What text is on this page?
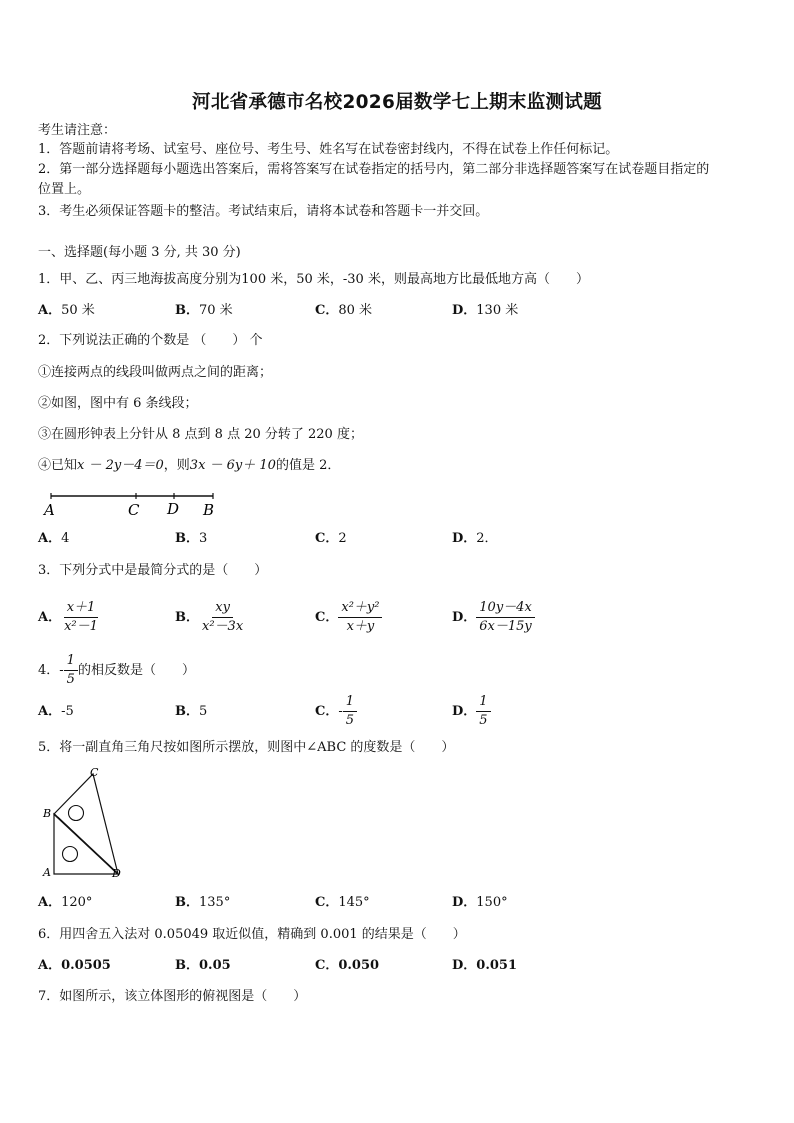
河北省承德市名校2026届数学七上期末监测试题
考生请注意：
1．答题前请将考场、试室号、座位号、考生号、姓名写在试卷密封线内，不得在试卷上作任何标记。
2．第一部分选择题每小题选出答案后，需将答案写在试卷指定的括号内，第二部分非选择题答案写在试卷题目指定的
位置上。
3．考生必须保证答题卡的整洁。考试结束后，请将本试卷和答题卡一并交回。
一、选择题(每小题 3 分, 共 30 分)
1．甲、乙、丙三地海拔高度分别为100 米，50 米，-30 米，则最高地方比最低地方高（　　）
A．50 米	B．70 米	C．80 米	D．130 米
2．下列说法正确的个数是 （　　） 个
①连接两点的线段叫做两点之间的距离；
②如图，图中有 6 条线段；
③在圆形钟表上分针从 8 点到 8 点 20 分转了 220 度；
④已知x － 2y－4＝0，则3x － 6y＋ 10的值是 2．
A	C D B
A．4	B．3	C．2	D．2．
3．下列分式中是最简分式的是（　　）
A． $\frac{x+1}{\text{x²－1}}$	B． $\frac{xy}{\text{x²－3x}}$	C． $\frac{\text{x²＋y²}}{x+y}$	D． $\frac{10y-4x}{6x-15y}$
4．- $\frac{1}{5}$ 的相反数是（　　）
A． -5	B． 5	C． - $\frac{1}{5}$	D． $\frac{1}{5}$
5．将一副直角三角尺按如图所示摆放，则图中∠ABC 的度数是（　　）
C
B
A	D
A．120°	B．135°	C．145°	D．150°
6．用四舍五入法对 0.05049 取近似值，精确到 0.001 的结果是（　　）
A．0.0505	B．0.05	C．0.050	D．0.051
7．如图所示，该立体图形的俯视图是（　　）
